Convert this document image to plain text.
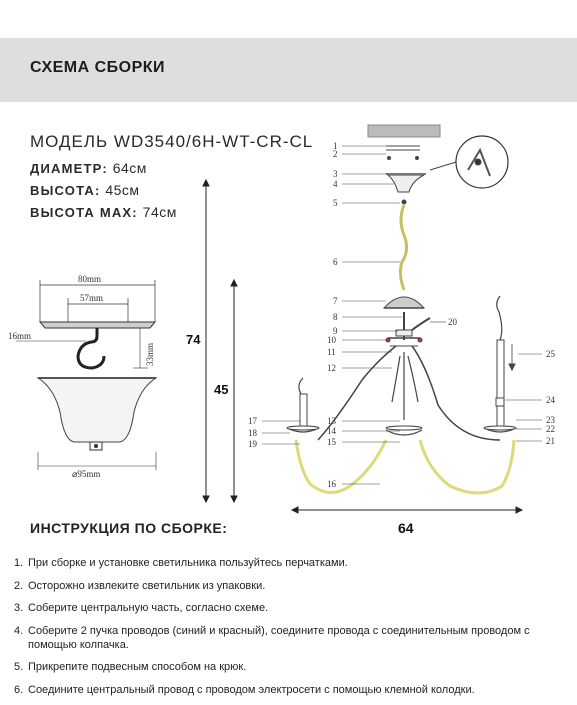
СХЕМА СБОРКИ
МОДЕЛЬ WD3540/6H-WT-CR-CL
ДИАМЕТР: 64см
ВЫСОТА: 45см
ВЫСОТА MAX: 74см
80mm
57mm
16mm
33mm
⌀95mm
1
2
3
4
5
6
7
8
9
10
11
12
13
14
15
16
17
18
19
20
21
22
23
24
25
74
45
64
ИНСТРУКЦИЯ ПО СБОРКЕ:
1. При сборке и установке светильника пользуйтесь перчатками.
2. Осторожно извлеките светильник из упаковки.
3. Соберите центральную часть, согласно схеме.
4. Соберите 2 пучка проводов (синий и красный), соедините провода с соединительным проводом с помощью колпачка.
5. Прикрепите подвесным способом на крюк.
6. Соедините центральный провод с проводом электросети с помощью клемной колодки.
